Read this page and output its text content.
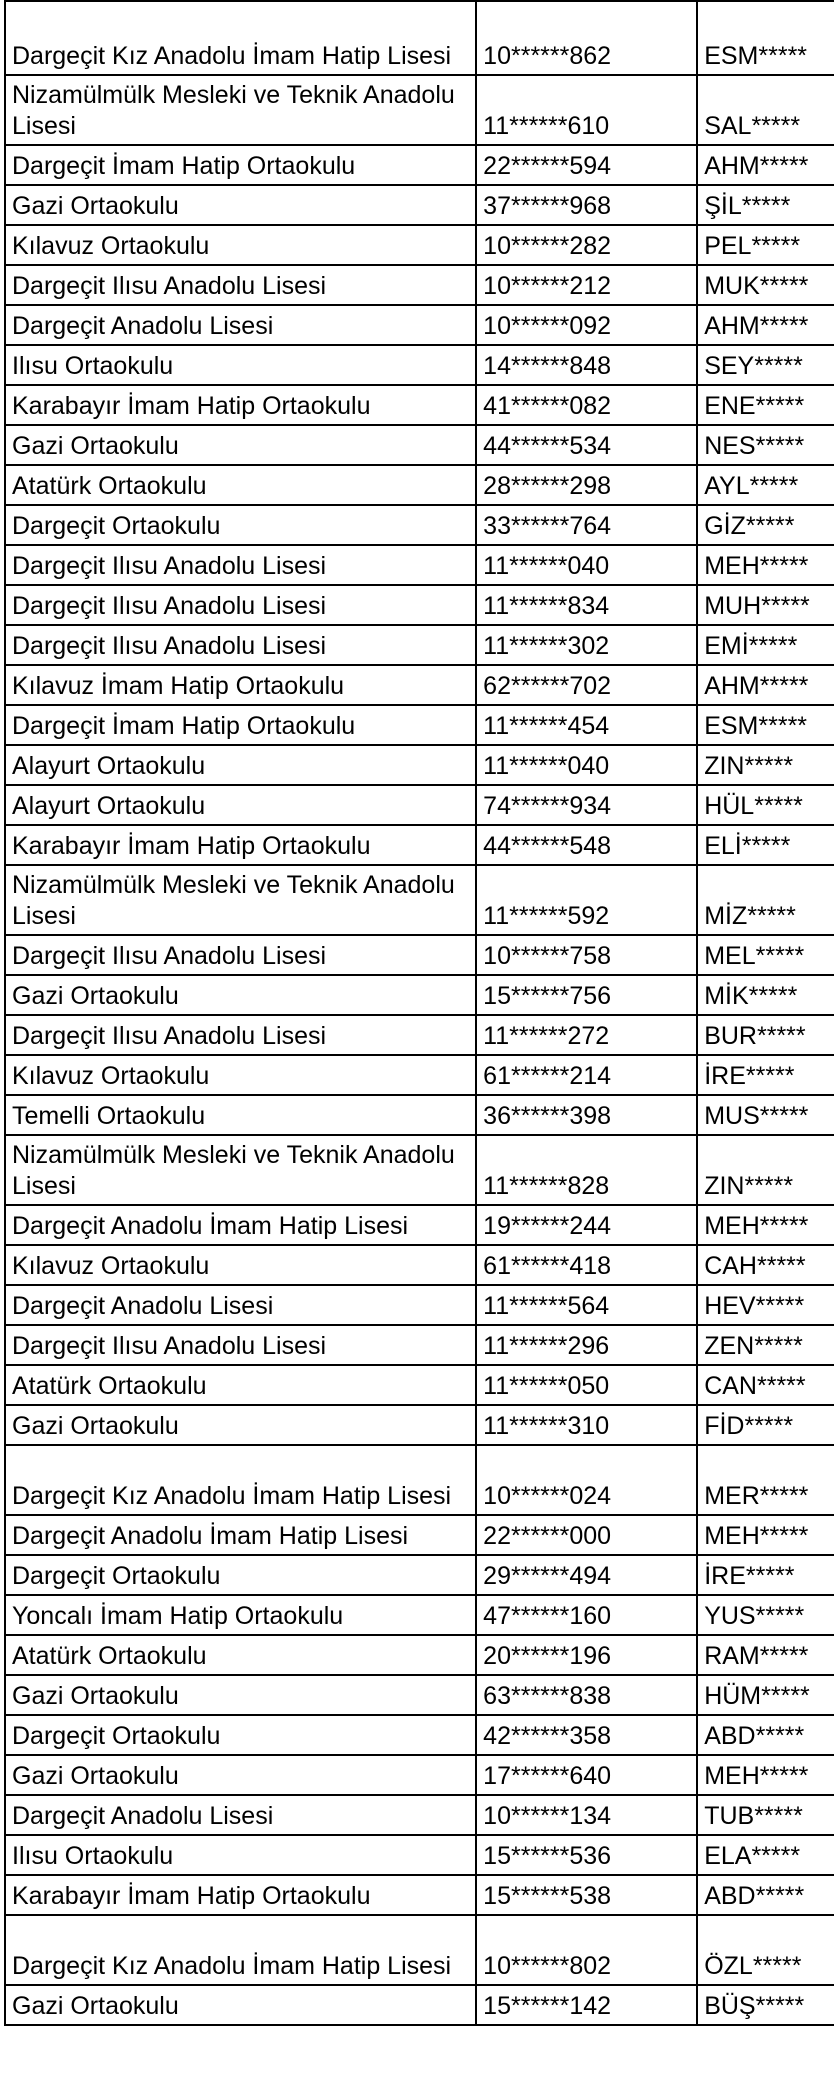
Dargeçit Kız Anadolu İmam Hatip Lisesi	10******862	ESM*****
Nizamülmülk Mesleki ve Teknik Anadolu Lisesi	11******610	SAL*****
Dargeçit İmam Hatip Ortaokulu	22******594	AHM*****
Gazi Ortaokulu	37******968	ŞİL*****
Kılavuz Ortaokulu	10******282	PEL*****
Dargeçit Ilısu Anadolu Lisesi	10******212	MUK*****
Dargeçit Anadolu Lisesi	10******092	AHM*****
Ilısu Ortaokulu	14******848	SEY*****
Karabayır İmam Hatip Ortaokulu	41******082	ENE*****
Gazi Ortaokulu	44******534	NES*****
Atatürk Ortaokulu	28******298	AYL*****
Dargeçit Ortaokulu	33******764	GİZ*****
Dargeçit Ilısu Anadolu Lisesi	11******040	MEH*****
Dargeçit Ilısu Anadolu Lisesi	11******834	MUH*****
Dargeçit Ilısu Anadolu Lisesi	11******302	EMİ*****
Kılavuz İmam Hatip Ortaokulu	62******702	AHM*****
Dargeçit İmam Hatip Ortaokulu	11******454	ESM*****
Alayurt Ortaokulu	11******040	ZIN*****
Alayurt Ortaokulu	74******934	HÜL*****
Karabayır İmam Hatip Ortaokulu	44******548	ELİ*****
Nizamülmülk Mesleki ve Teknik Anadolu Lisesi	11******592	MİZ*****
Dargeçit Ilısu Anadolu Lisesi	10******758	MEL*****
Gazi Ortaokulu	15******756	MİK*****
Dargeçit Ilısu Anadolu Lisesi	11******272	BUR*****
Kılavuz Ortaokulu	61******214	İRE*****
Temelli Ortaokulu	36******398	MUS*****
Nizamülmülk Mesleki ve Teknik Anadolu Lisesi	11******828	ZIN*****
Dargeçit Anadolu İmam Hatip Lisesi	19******244	MEH*****
Kılavuz Ortaokulu	61******418	CAH*****
Dargeçit Anadolu Lisesi	11******564	HEV*****
Dargeçit Ilısu Anadolu Lisesi	11******296	ZEN*****
Atatürk Ortaokulu	11******050	CAN*****
Gazi Ortaokulu	11******310	FİD*****
Dargeçit Kız Anadolu İmam Hatip Lisesi	10******024	MER*****
Dargeçit Anadolu İmam Hatip Lisesi	22******000	MEH*****
Dargeçit Ortaokulu	29******494	İRE*****
Yoncalı İmam Hatip Ortaokulu	47******160	YUS*****
Atatürk Ortaokulu	20******196	RAM*****
Gazi Ortaokulu	63******838	HÜM*****
Dargeçit Ortaokulu	42******358	ABD*****
Gazi Ortaokulu	17******640	MEH*****
Dargeçit Anadolu Lisesi	10******134	TUB*****
Ilısu Ortaokulu	15******536	ELA*****
Karabayır İmam Hatip Ortaokulu	15******538	ABD*****
Dargeçit Kız Anadolu İmam Hatip Lisesi	10******802	ÖZL*****
Gazi Ortaokulu	15******142	BÜŞ*****
